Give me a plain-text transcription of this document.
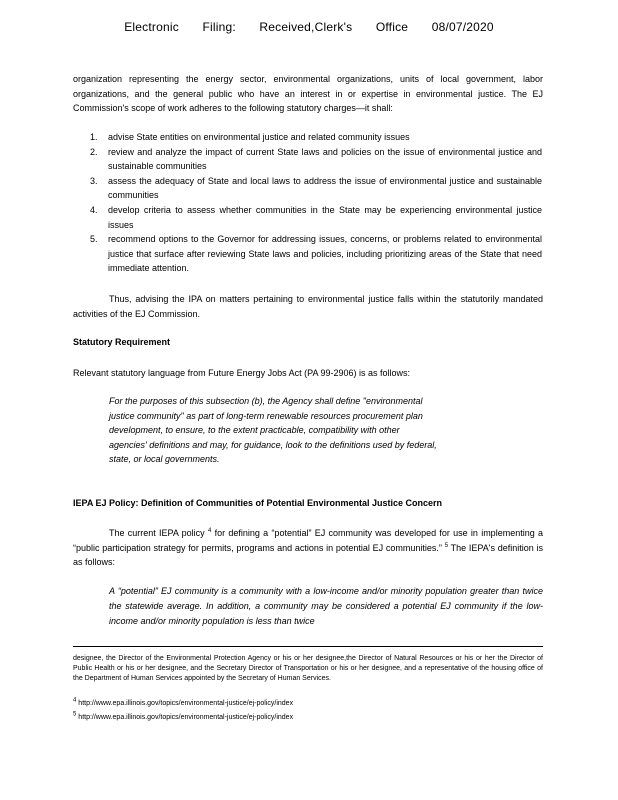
Electronic Filing: Received,Clerk's Office 08/07/2020
organization representing the energy sector, environmental organizations, units of local government, labor organizations, and the general public who have an interest in or expertise in environmental justice. The EJ Commission's scope of work adheres to the following statutory charges—it shall:
1. advise State entities on environmental justice and related community issues
2. review and analyze the impact of current State laws and policies on the issue of environmental justice and sustainable communities
3. assess the adequacy of State and local laws to address the issue of environmental justice and sustainable communities
4. develop criteria to assess whether communities in the State may be experiencing environmental justice issues
5. recommend options to the Governor for addressing issues, concerns, or problems related to environmental justice that surface after reviewing State laws and policies, including prioritizing areas of the State that need immediate attention.
Thus, advising the IPA on matters pertaining to environmental justice falls within the statutorily mandated activities of the EJ Commission.
Statutory Requirement
Relevant statutory language from Future Energy Jobs Act (PA 99-2906) is as follows:
For the purposes of this subsection (b), the Agency shall define "environmental justice community" as part of long-term renewable resources procurement plan development, to ensure, to the extent practicable, compatibility with other agencies' definitions and may, for guidance, look to the definitions used by federal, state, or local governments.
IEPA EJ Policy: Definition of Communities of Potential Environmental Justice Concern
The current IEPA policy $^4$ for defining a “potential” EJ community was developed for use in implementing a “public participation strategy for permits, programs and actions in potential EJ communities.” $^5$ The IEPA's definition is as follows:
A “potential” EJ community is a community with a low-income and/or minority population greater than twice the statewide average. In addition, a community may be considered a potential EJ community if the low-income and/or minority population is less than twice
designee, the Director of the Environmental Protection Agency or his or her designee,the Director of Natural Resources or his or her the Director of Public Health or his or her designee, and the Secretary Director of Transportation or his or her designee, and a representative of the housing office of the Department of Human Services appointed by the Secretary of Human Services.
4 http://www.epa.illinois.gov/topics/environmental-justice/ej-policy/index
5 http://www.epa.illinois.gov/topics/environmental-justice/ej-policy/index
